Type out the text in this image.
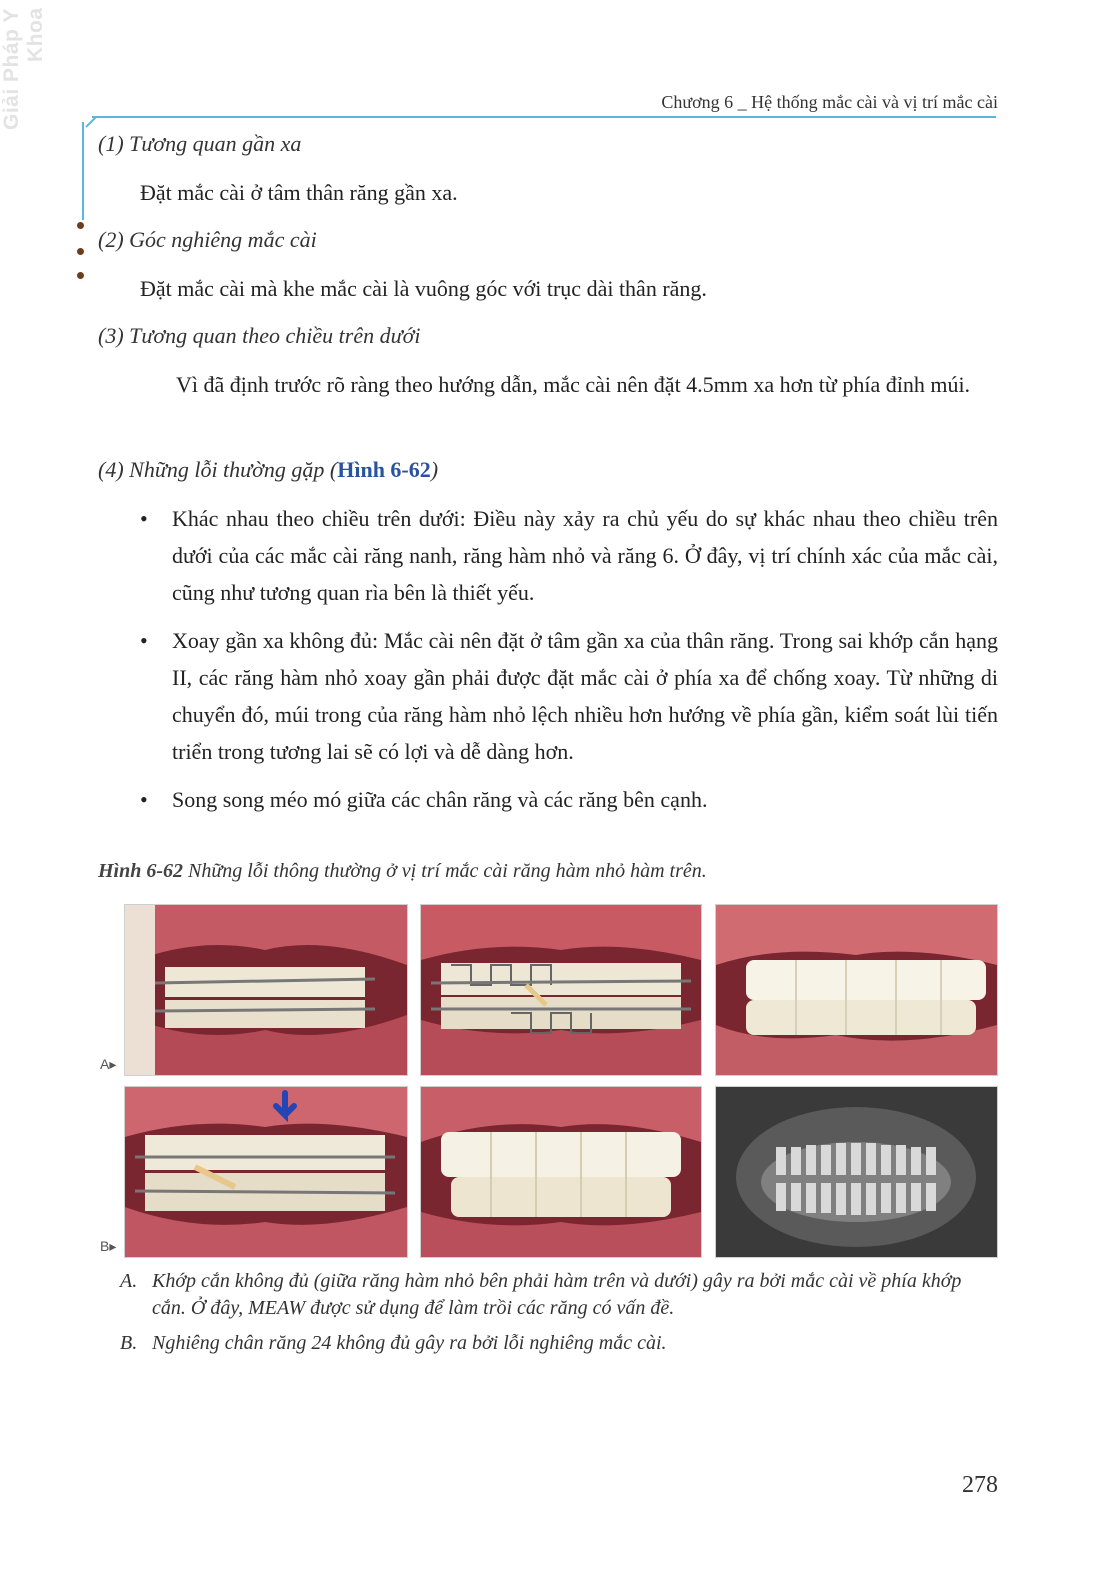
Giải Pháp Y Khoa
Chương 6 _ Hệ thống mắc cài và vị trí mắc cài
(1) Tương quan gần xa
Đặt mắc cài ở tâm thân răng gần xa.
(2) Góc nghiêng mắc cài
Đặt mắc cài mà khe mắc cài là vuông góc với trục dài thân răng.
(3) Tương quan theo chiều trên dưới
Vì đã định trước rõ ràng theo hướng dẫn, mắc cài nên đặt 4.5mm xa hơn từ phía đỉnh múi.
(4) Những lỗi thường gặp (Hình 6-62)
• Khác nhau theo chiều trên dưới: Điều này xảy ra chủ yếu do sự khác nhau theo chiều trên dưới của các mắc cài răng nanh, răng hàm nhỏ và răng 6. Ở đây, vị trí chính xác của mắc cài, cũng như tương quan rìa bên là thiết yếu.
• Xoay gần xa không đủ: Mắc cài nên đặt ở tâm gần xa của thân răng. Trong sai khớp cắn hạng II, các răng hàm nhỏ xoay gần phải được đặt mắc cài ở phía xa để chống xoay. Từ những di chuyển đó, múi trong của răng hàm nhỏ lệch nhiều hơn hướng về phía gần, kiểm soát lùi tiến triển trong tương lai sẽ có lợi và dễ dàng hơn.
• Song song méo mó giữa các chân răng và các răng bên cạnh.
Hình 6-62 Những lỗi thông thường ở vị trí mắc cài răng hàm nhỏ hàm trên.
A▸
B▸
A. Khớp cắn không đủ (giữa răng hàm nhỏ bên phải hàm trên và dưới) gây ra bởi mắc cài về phía khớp cắn. Ở đây, MEAW được sử dụng để làm trồi các răng có vấn đề.
B. Nghiêng chân răng 24 không đủ gây ra bởi lỗi nghiêng mắc cài.
278
